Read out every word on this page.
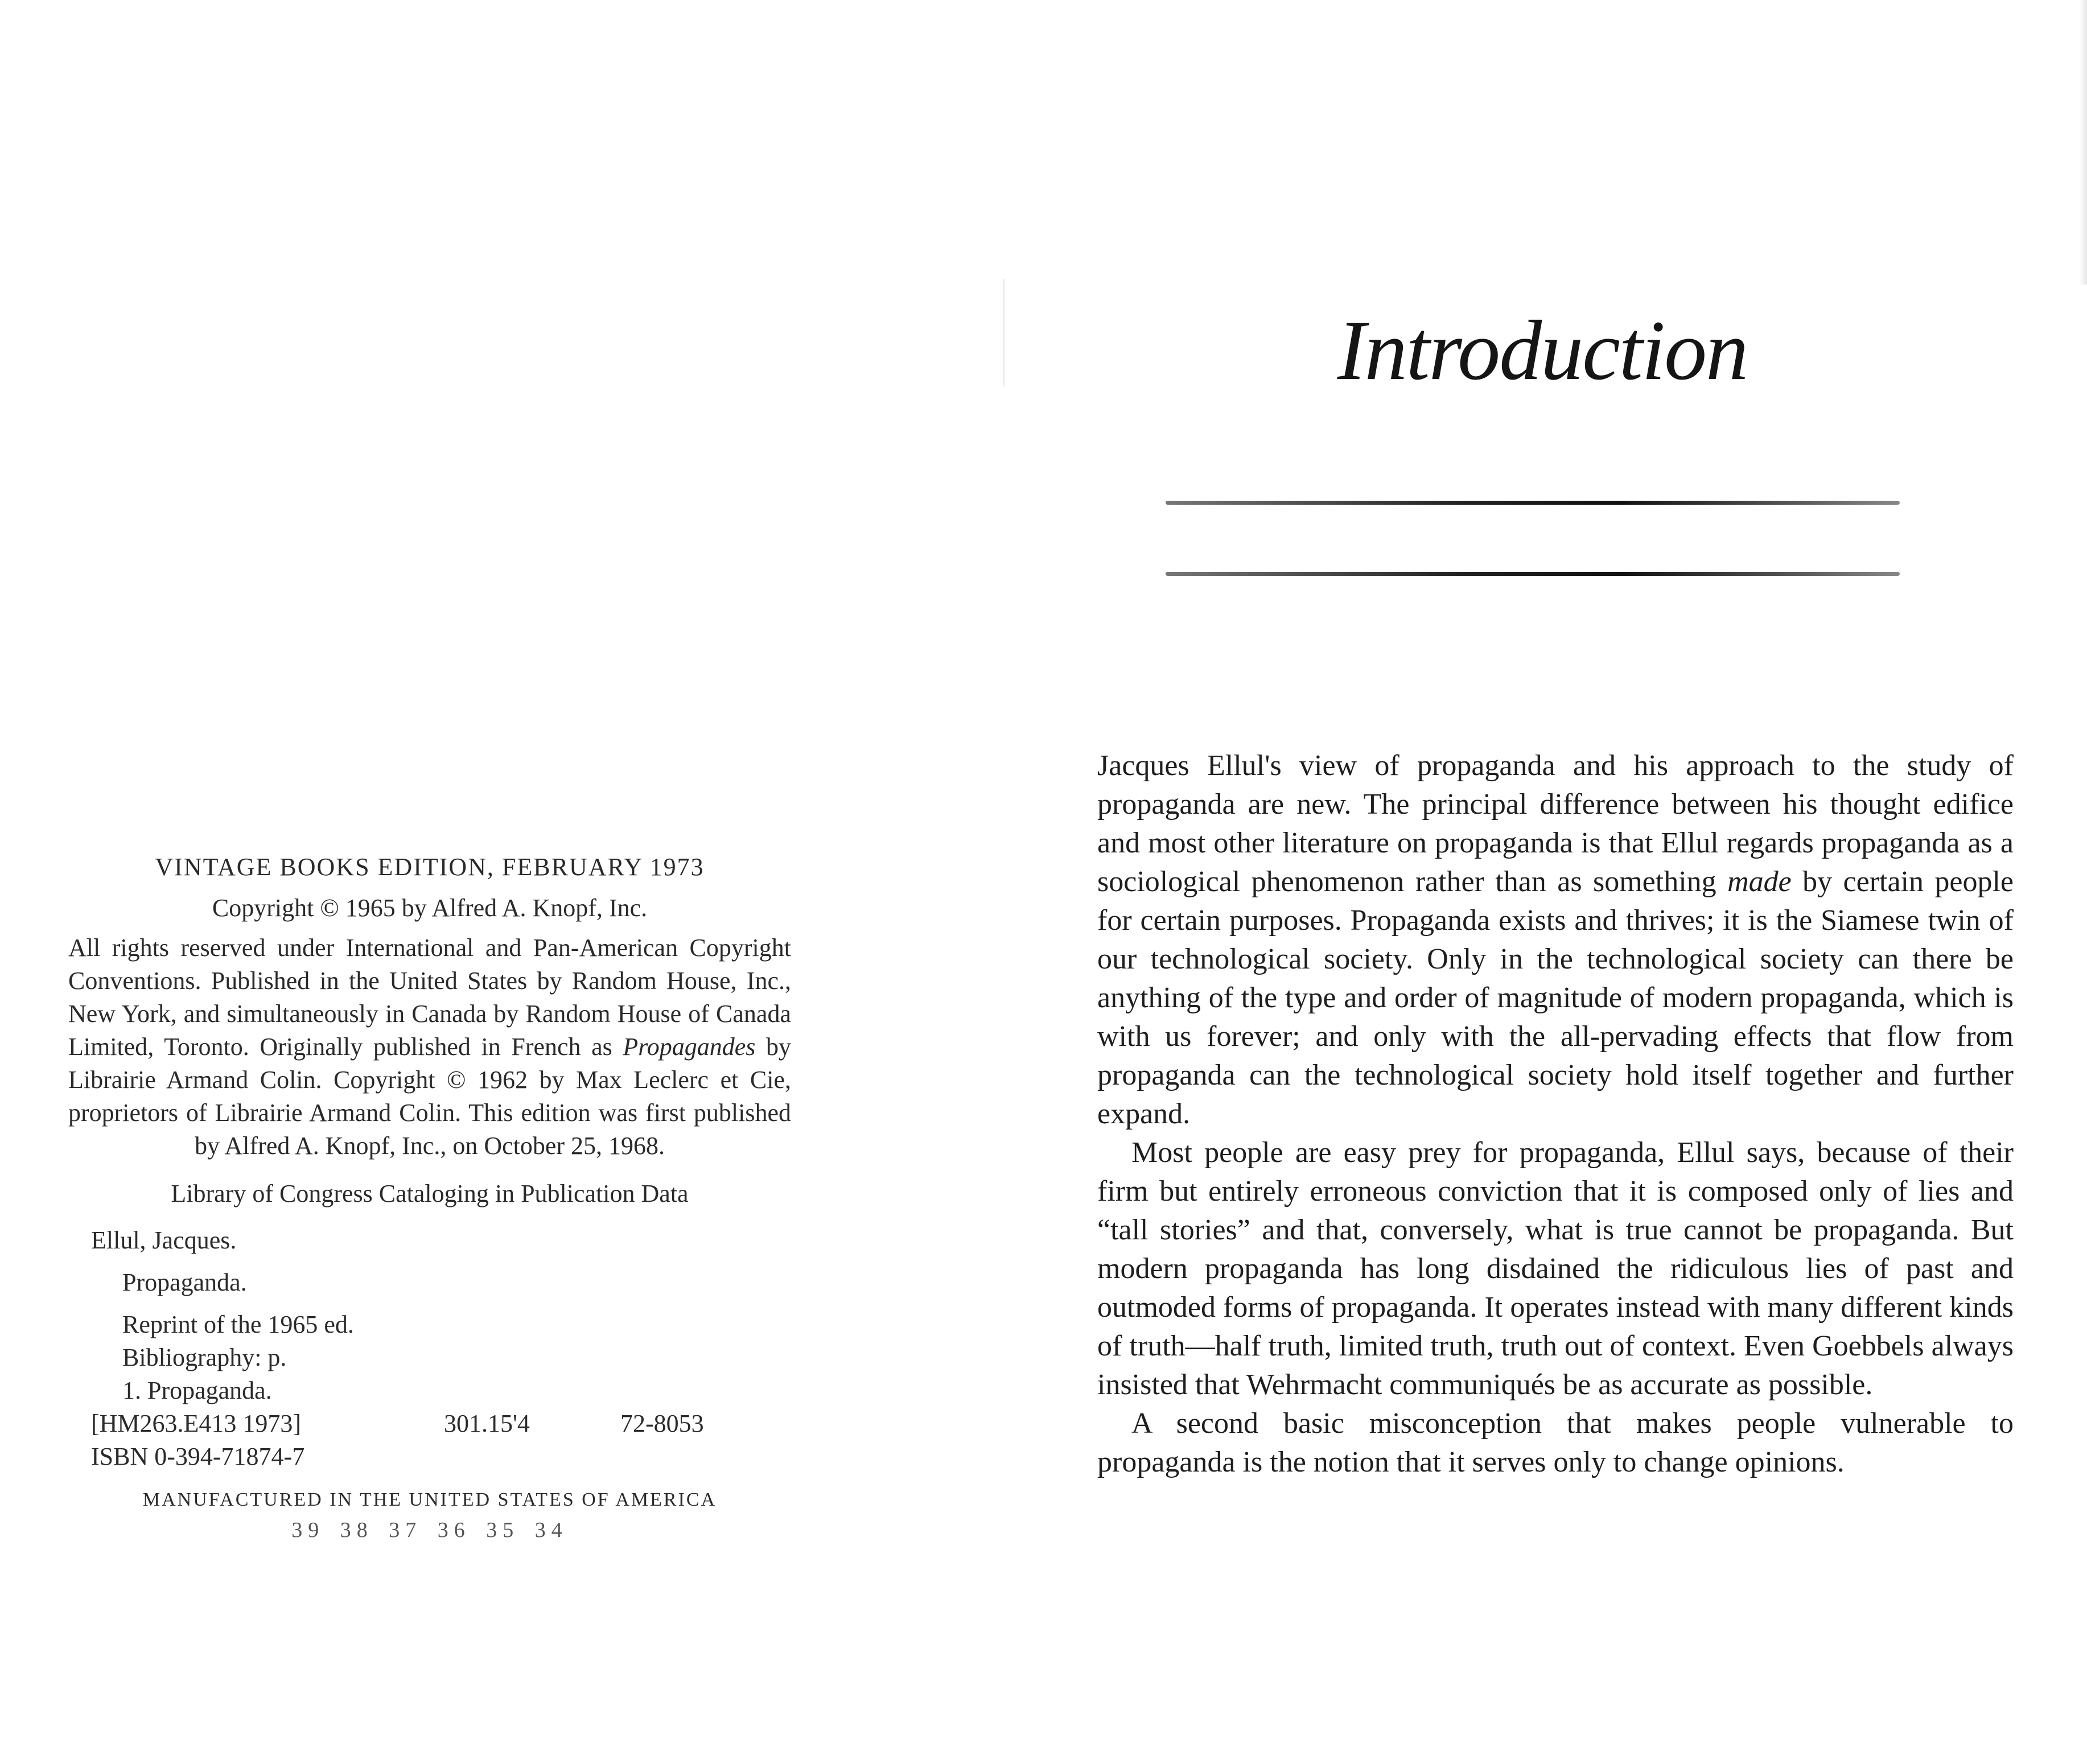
VINTAGE BOOKS EDITION, FEBRUARY 1973
Copyright © 1965 by Alfred A. Knopf, Inc.
All rights reserved under International and Pan-American Copyright Conventions. Published in the United States by Random House, Inc., New York, and simultaneously in Canada by Random House of Canada Limited, Toronto. Originally published in French as Propagandes by Librairie Armand Colin. Copyright © 1962 by Max Leclerc et Cie, proprietors of Librairie Armand Colin. This edition was first published by Alfred A. Knopf, Inc., on October 25, 1968.
Library of Congress Cataloging in Publication Data
Ellul, Jacques.
Propaganda.
Reprint of the 1965 ed.
Bibliography: p.
1. Propaganda.
[HM263.E413 1973]	301.15'4	72-8053
ISBN 0-394-71874-7
MANUFACTURED IN THE UNITED STATES OF AMERICA
39 38 37 36 35 34
Introduction

Jacques Ellul's view of propaganda and his approach to the study of propaganda are new. The principal difference between his thought edifice and most other literature on propaganda is that Ellul regards propaganda as a sociological phenomenon rather than as something made by certain people for certain purposes. Propaganda exists and thrives; it is the Siamese twin of our technological society. Only in the technological society can there be anything of the type and order of magnitude of modern propaganda, which is with us forever; and only with the all-pervading effects that flow from propaganda can the technological society hold itself together and further expand.

Most people are easy prey for propaganda, Ellul says, because of their firm but entirely erroneous conviction that it is composed only of lies and “tall stories” and that, conversely, what is true cannot be propaganda. But modern propaganda has long disdained the ridiculous lies of past and outmoded forms of propaganda. It operates instead with many different kinds of truth—half truth, limited truth, truth out of context. Even Goebbels always insisted that Wehrmacht communiqués be as accurate as possible.

A second basic misconception that makes people vulnerable to propaganda is the notion that it serves only to change opinions.
